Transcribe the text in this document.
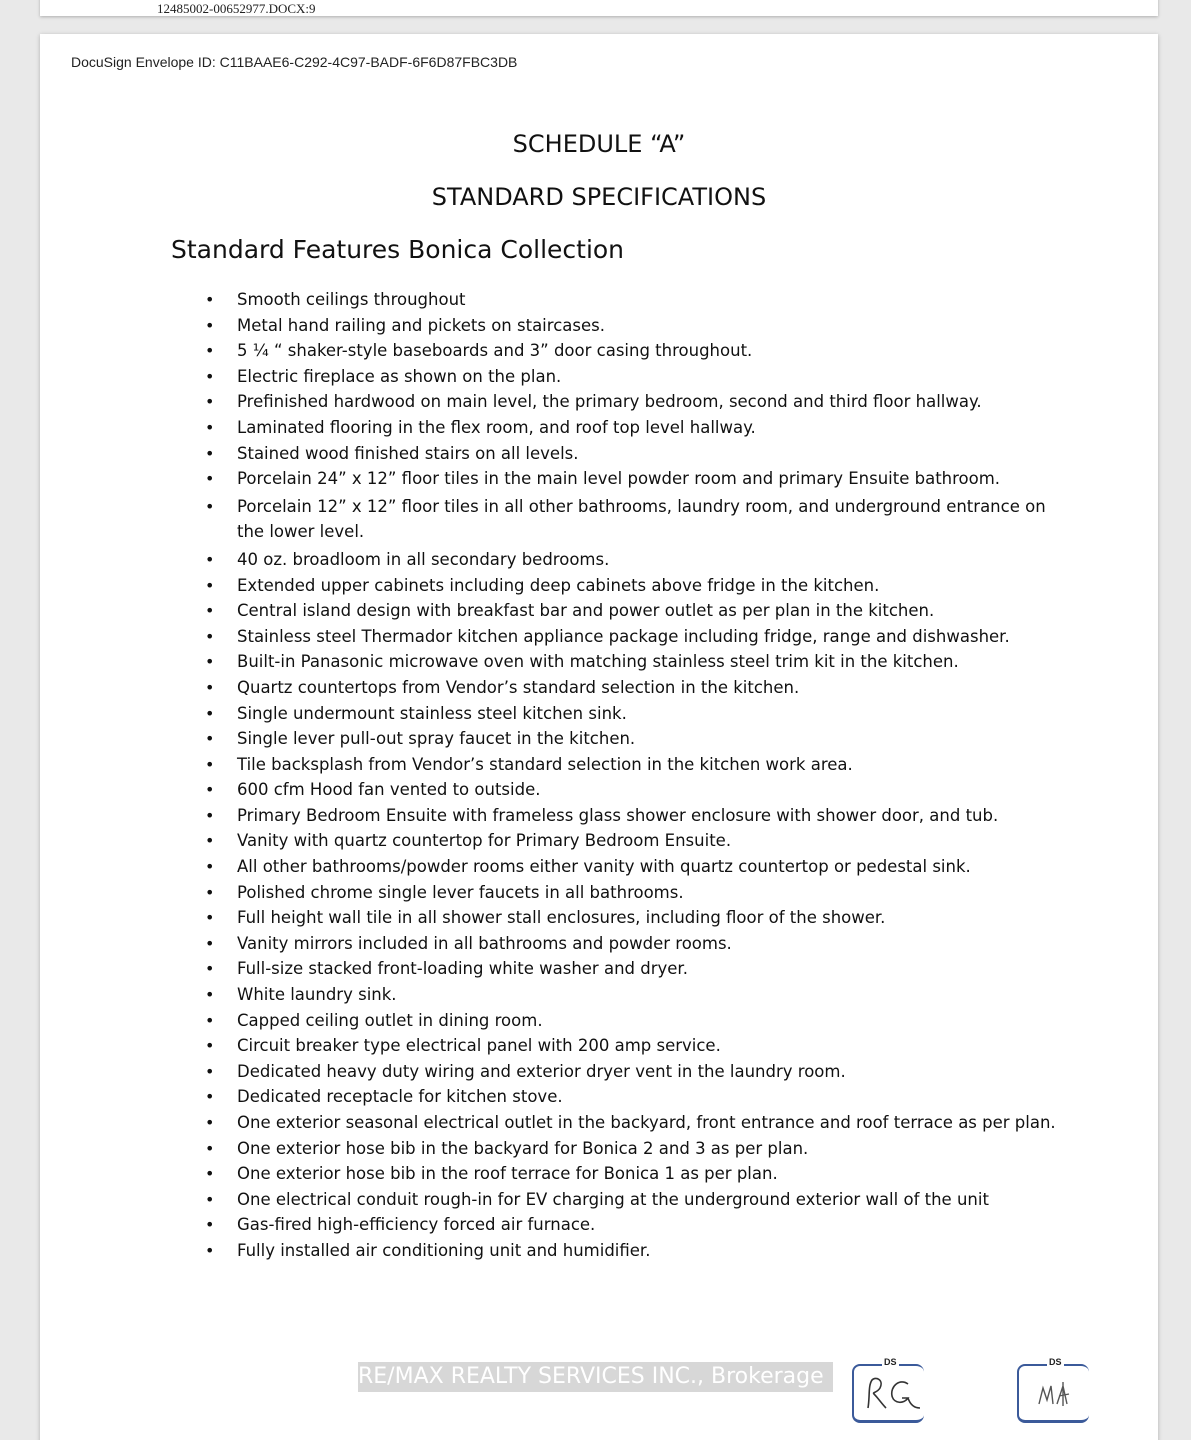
12485002-00652977.DOCX:9
DocuSign Envelope ID: C11BAAE6-C292-4C97-BADF-6F6D87FBC3DB
SCHEDULE “A”
STANDARD SPECIFICATIONS
Standard Features Bonica Collection
• Smooth ceilings throughout
• Metal hand railing and pickets on staircases.
• 5 ¼ “ shaker-style baseboards and 3” door casing throughout.
• Electric fireplace as shown on the plan.
• Prefinished hardwood on main level, the primary bedroom, second and third floor hallway.
• Laminated flooring in the flex room, and roof top level hallway.
• Stained wood finished stairs on all levels.
• Porcelain 24” x 12” floor tiles in the main level powder room and primary Ensuite bathroom.
• Porcelain 12” x 12” floor tiles in all other bathrooms, laundry room, and underground entrance on the lower level.
• 40 oz. broadloom in all secondary bedrooms.
• Extended upper cabinets including deep cabinets above fridge in the kitchen.
• Central island design with breakfast bar and power outlet as per plan in the kitchen.
• Stainless steel Thermador kitchen appliance package including fridge, range and dishwasher.
• Built-in Panasonic microwave oven with matching stainless steel trim kit in the kitchen.
• Quartz countertops from Vendor’s standard selection in the kitchen.
• Single undermount stainless steel kitchen sink.
• Single lever pull-out spray faucet in the kitchen.
• Tile backsplash from Vendor’s standard selection in the kitchen work area.
• 600 cfm Hood fan vented to outside.
• Primary Bedroom Ensuite with frameless glass shower enclosure with shower door, and tub.
• Vanity with quartz countertop for Primary Bedroom Ensuite.
• All other bathrooms/powder rooms either vanity with quartz countertop or pedestal sink.
• Polished chrome single lever faucets in all bathrooms.
• Full height wall tile in all shower stall enclosures, including floor of the shower.
• Vanity mirrors included in all bathrooms and powder rooms.
• Full-size stacked front-loading white washer and dryer.
• White laundry sink.
• Capped ceiling outlet in dining room.
• Circuit breaker type electrical panel with 200 amp service.
• Dedicated heavy duty wiring and exterior dryer vent in the laundry room.
• Dedicated receptacle for kitchen stove.
• One exterior seasonal electrical outlet in the backyard, front entrance and roof terrace as per plan.
• One exterior hose bib in the backyard for Bonica 2 and 3 as per plan.
• One exterior hose bib in the roof terrace for Bonica 1 as per plan.
• One electrical conduit rough-in for EV charging at the underground exterior wall of the unit
• Gas-fired high-efficiency forced air furnace.
• Fully installed air conditioning unit and humidifier.
RE/MAX REALTY SERVICES INC., Brokerage
DS	DS
